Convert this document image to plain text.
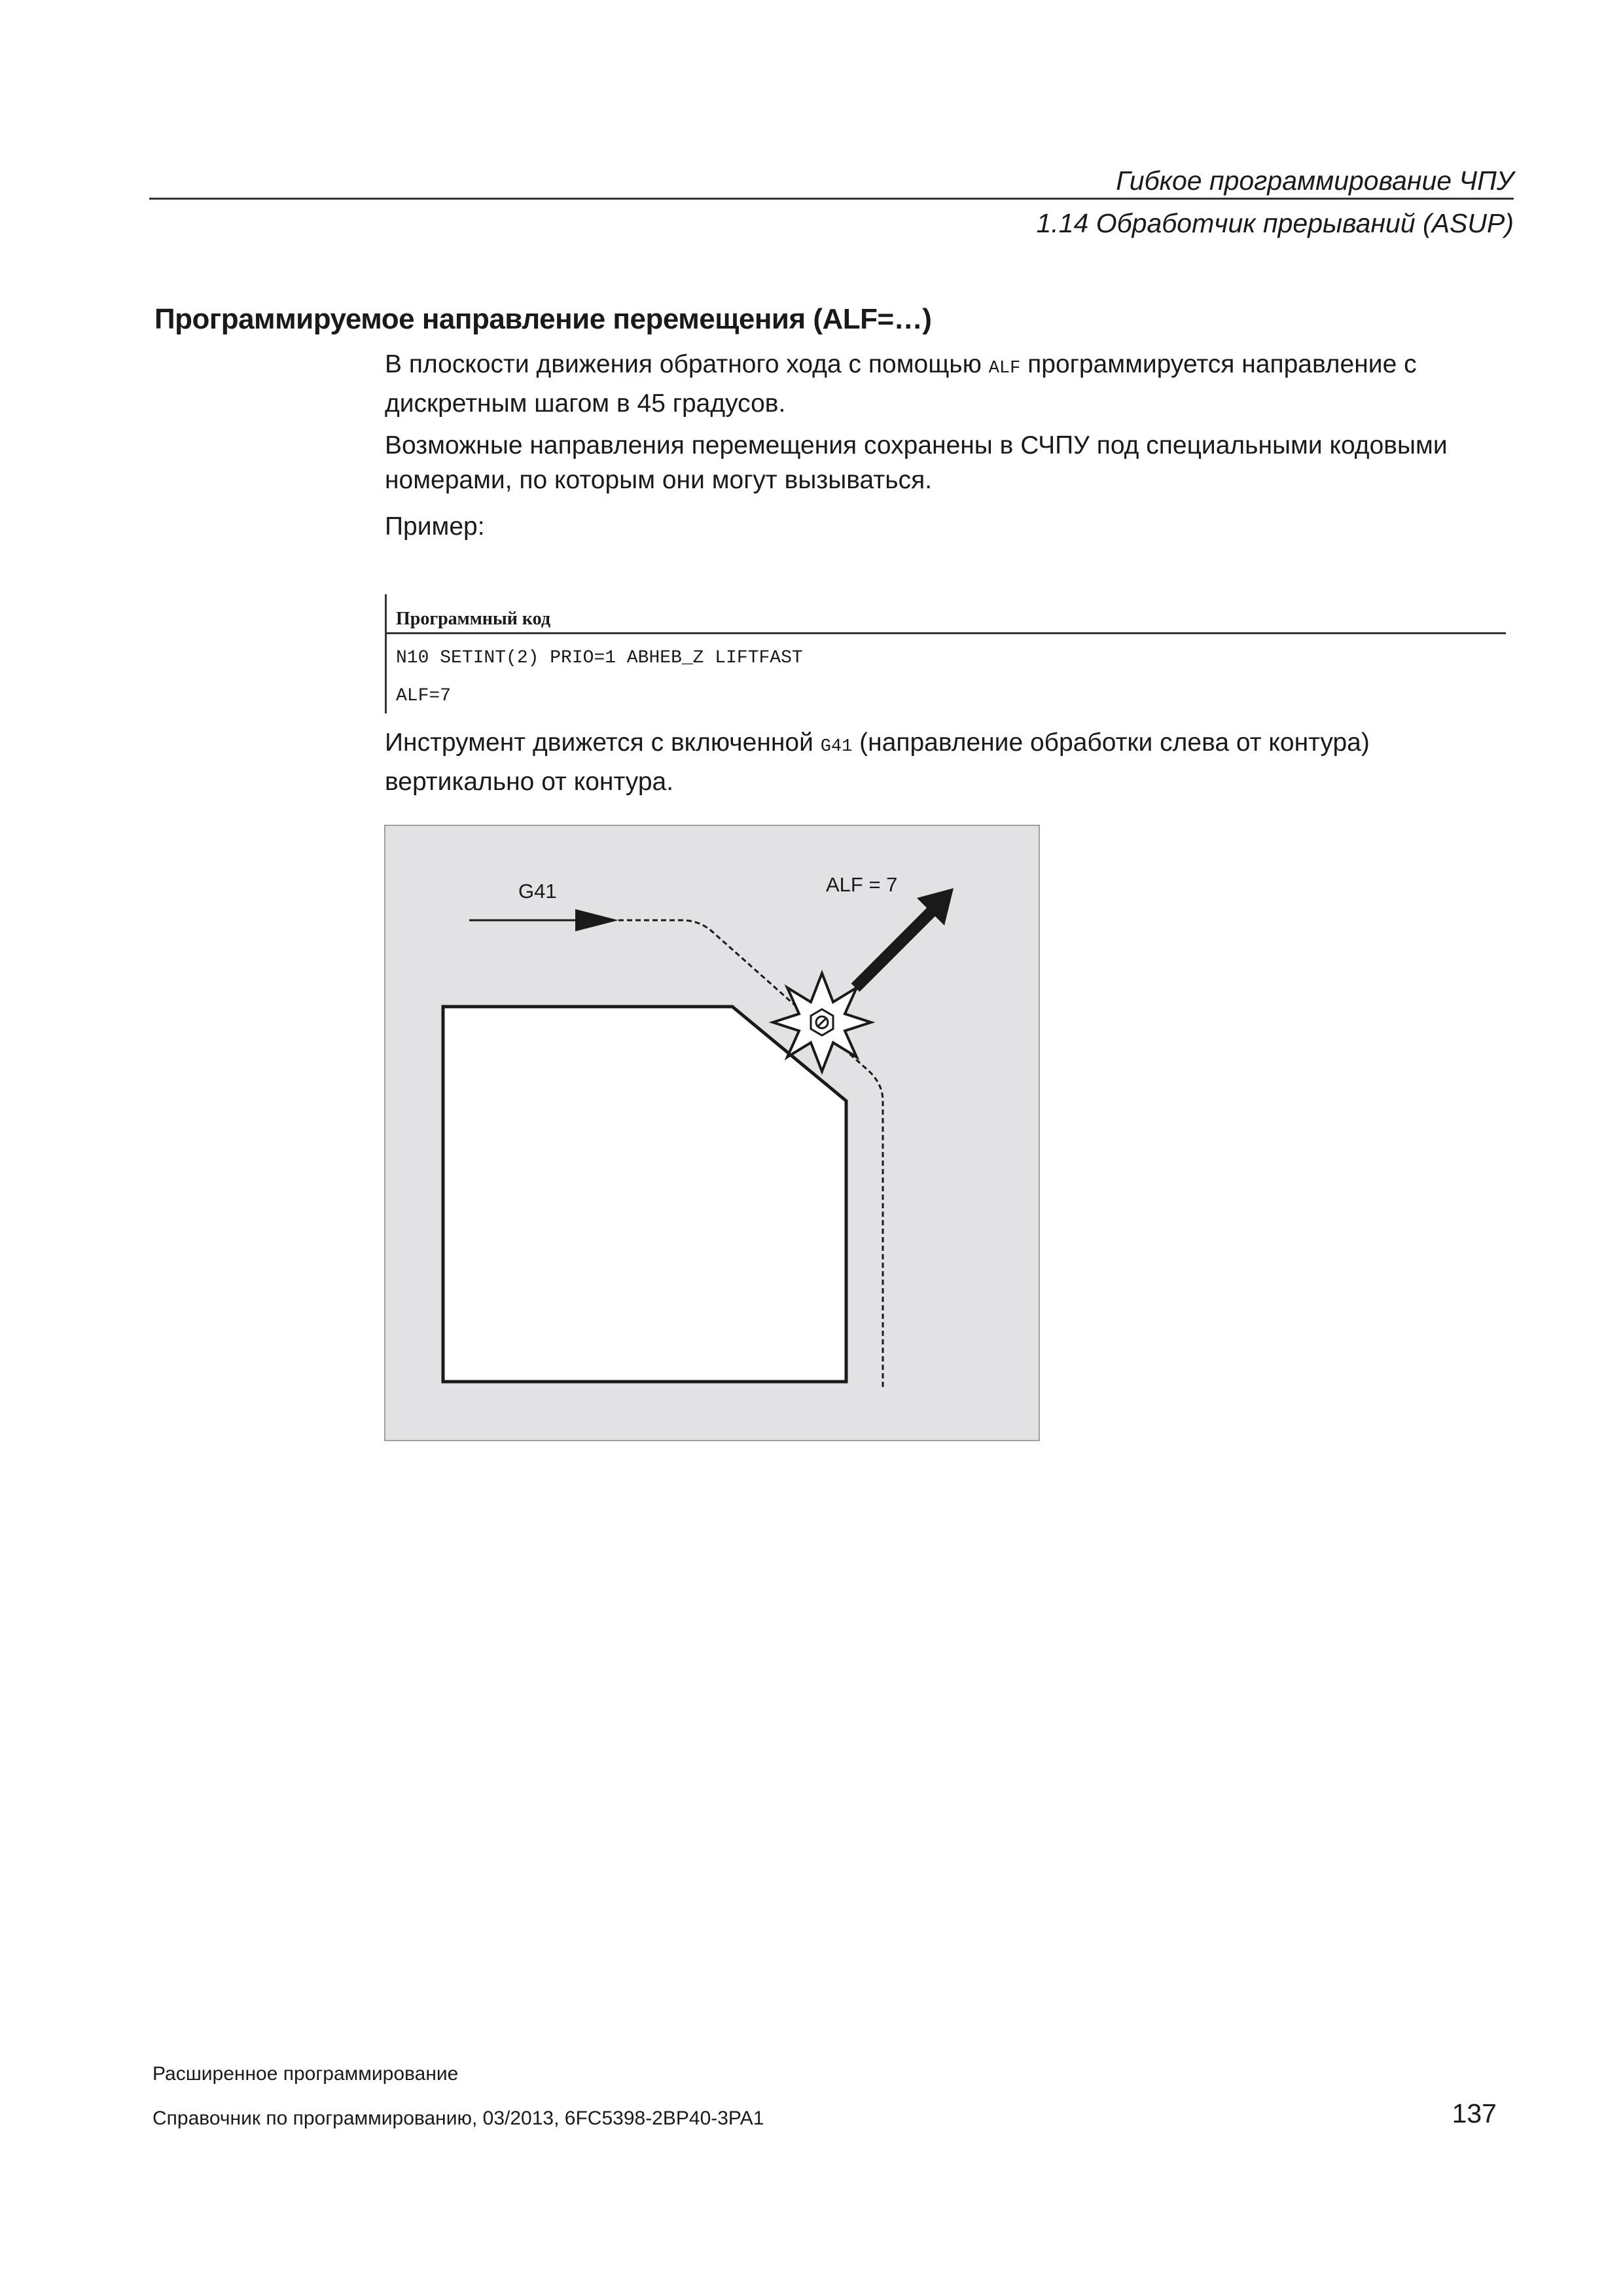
Гибкое программирование ЧПУ
1.14 Обработчик прерываний (ASUP)
Программируемое направление перемещения (ALF=…)
В плоскости движения обратного хода с помощью ALF программируется направление с дискретным шагом в 45 градусов.
Возможные направления перемещения сохранены в СЧПУ под специальными кодовыми номерами, по которым они могут вызываться.
Пример:
Программный код
N10 SETINT(2) PRIO=1 ABHEB_Z LIFTFAST
ALF=7
Инструмент движется с включенной G41 (направление обработки слева от контура) вертикально от контура.
G41	ALF = 7
Расширенное программирование
Справочник по программированию, 03/2013, 6FC5398-2BP40-3PA1	137
